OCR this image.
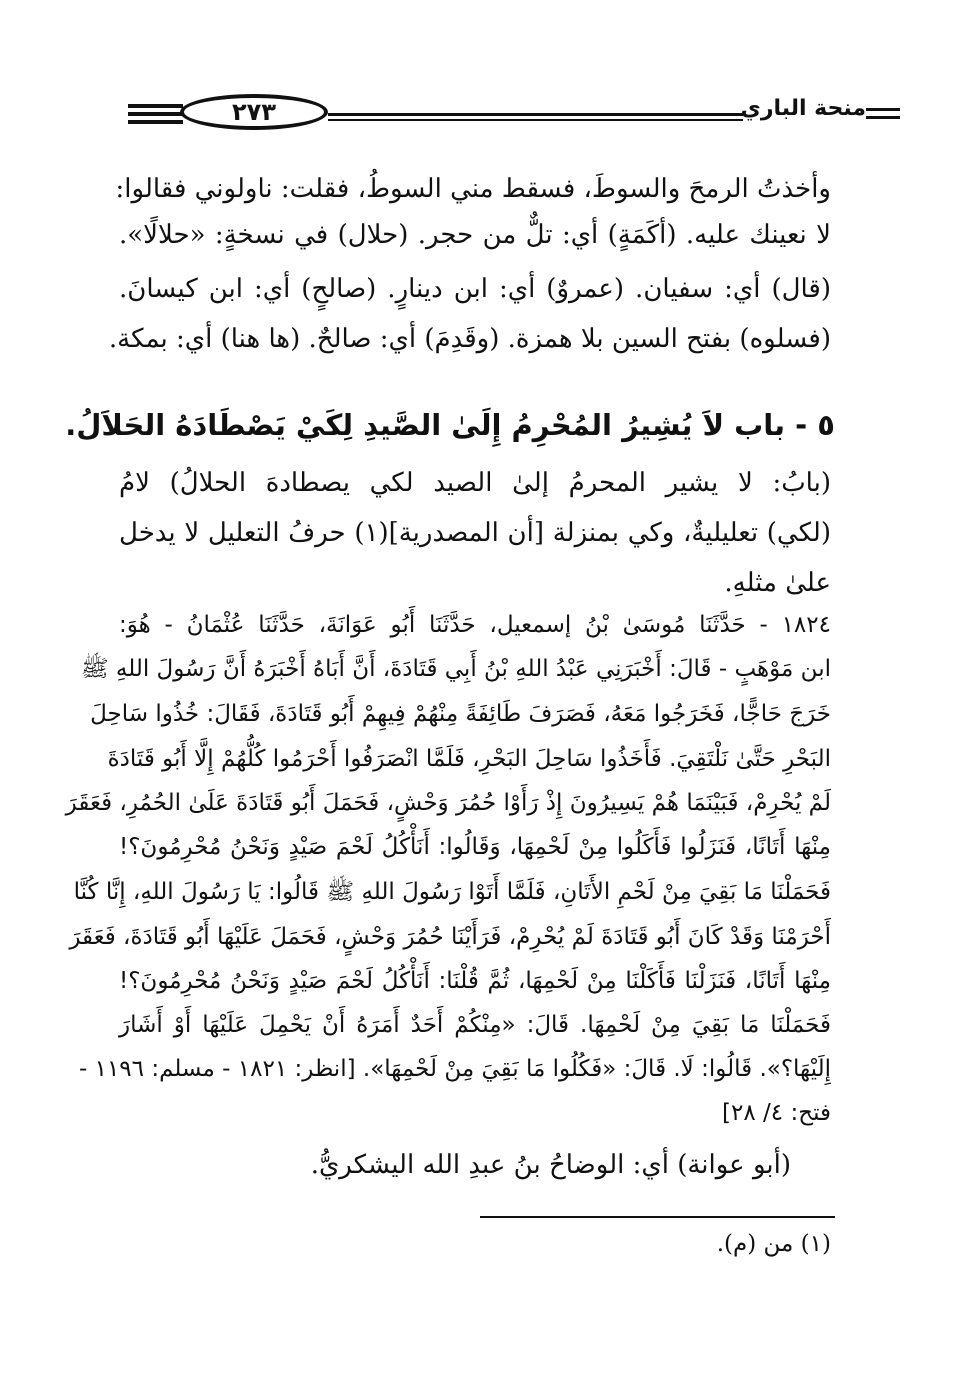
٢٧٣	منحة الباري
وأخذتُ الرمحَ والسوطَ، فسقط مني السوطُ، فقلت: ناولوني فقالوا:
لا نعينك عليه. (أكَمَةٍ) أي: تلٌّ من حجر. (حلال) في نسخةٍ: «حلالًا».
(قال) أي: سفيان. (عمروٌ) أي: ابن دينارٍ. (صالحٍ) أي: ابن كيسانَ.
(فسلوه) بفتح السين بلا همزة. (وقَدِمَ) أي: صالحٌ. (ها هنا) أي: بمكة.
٥ - باب لاَ يُشِيرُ المُحْرِمُ إِلَىٰ الصَّيدِ لِكَيْ يَصْطَادَهُ الحَلاَلُ.
(بابُ: لا يشير المحرمُ إلىٰ الصيد لكي يصطادهَ الحلالُ) لامُ
(لكي) تعليليةٌ، وكي بمنزلة [أن المصدرية](١) حرفُ التعليل لا يدخل
علىٰ مثلهِ.
١٨٢٤ - حَدَّثَنَا مُوسَىٰ بْنُ إسمعيل، حَدَّثَنَا أَبُو عَوَانَةَ، حَدَّثَنَا عُثْمَانُ - هُوَ:
ابن مَوْهَبٍ - قَالَ: أَخْبَرَنِي عَبْدُ اللهِ بْنُ أَبِي قَتَادَةَ، أَنَّ أَبَاهُ أَخْبَرَهُ أَنَّ رَسُولَ اللهِ ﷺ
خَرَجَ حَاجًّا، فَخَرَجُوا مَعَهُ، فَصَرَفَ طَائِفَةً مِنْهُمْ فِيهِمْ أَبُو قَتَادَةَ، فَقَالَ: خُذُوا سَاحِلَ
البَحْرِ حَتَّىٰ نَلْتَقِيَ. فَأَخَذُوا سَاحِلَ البَحْرِ، فَلَمَّا انْصَرَفُوا أَحْرَمُوا كُلُّهُمْ إِلَّا أَبُو قَتَادَةَ
لَمْ يُحْرِمْ، فَبَيْنَمَا هُمْ يَسِيرُونَ إِذْ رَأَوْا حُمُرَ وَحْشٍ، فَحَمَلَ أَبُو قَتَادَةَ عَلَىٰ الحُمُرِ، فَعَقَرَ
مِنْهَا أَتَانًا، فَنَزَلُوا فَأَكَلُوا مِنْ لَحْمِهَا، وَقَالُوا: أَنَأْكُلُ لَحْمَ صَيْدٍ وَنَحْنُ مُحْرِمُونَ؟!
فَحَمَلْنَا مَا بَقِيَ مِنْ لَحْمِ الأَتَانِ، فَلَمَّا أَتَوْا رَسُولَ اللهِ ﷺ قَالُوا: يَا رَسُولَ اللهِ، إِنَّا كُنَّا
أَحْرَمْنَا وَقَدْ كَانَ أَبُو قَتَادَةَ لَمْ يُحْرِمْ، فَرَأَيْنَا حُمُرَ وَحْشٍ، فَحَمَلَ عَلَيْهَا أَبُو قَتَادَةَ، فَعَقَرَ
مِنْهَا أَتَانًا، فَنَزَلْنَا فَأَكَلْنَا مِنْ لَحْمِهَا، ثُمَّ قُلْنَا: أَنَأْكُلُ لَحْمَ صَيْدٍ وَنَحْنُ مُحْرِمُونَ؟!
فَحَمَلْنَا مَا بَقِيَ مِنْ لَحْمِهَا. قَالَ: «مِنْكُمْ أَحَدٌ أَمَرَهُ أَنْ يَحْمِلَ عَلَيْهَا أَوْ أَشَارَ
إِلَيْهَا؟». قَالُوا: لَا. قَالَ: «فَكُلُوا مَا بَقِيَ مِنْ لَحْمِهَا». [انظر: ١٨٢١ - مسلم: ١١٩٦ -
فتح: ٤/ ٢٨]
(أبو عوانة) أي: الوضاحُ بنُ عبدِ الله اليشكريُّ.
(١) من (م).
